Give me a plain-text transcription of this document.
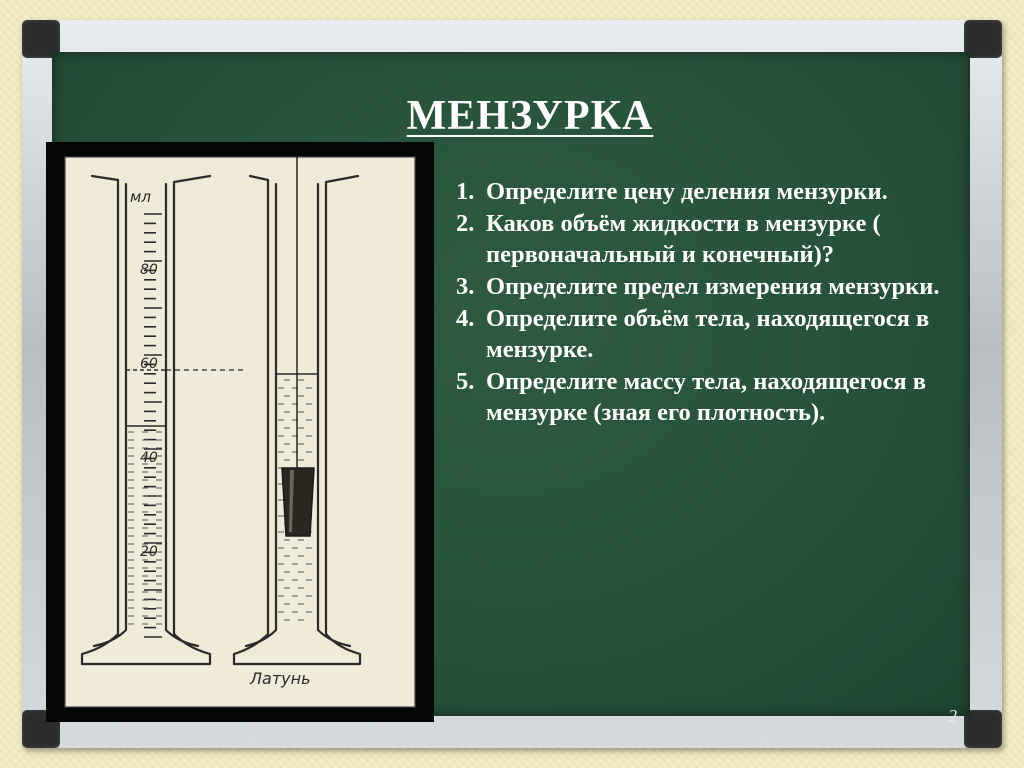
МЕНЗУРКА
мл
80
60
40
20
Латунь
1. Определите цену деления мензурки.
2. Каков объём жидкости в мензурке ( первоначальный и конечный)?
3. Определите предел измерения мензурки.
4. Определите объём тела, находящегося в мензурке.
5. Определите массу тела, находящегося в мензурке (зная его плотность).
2
